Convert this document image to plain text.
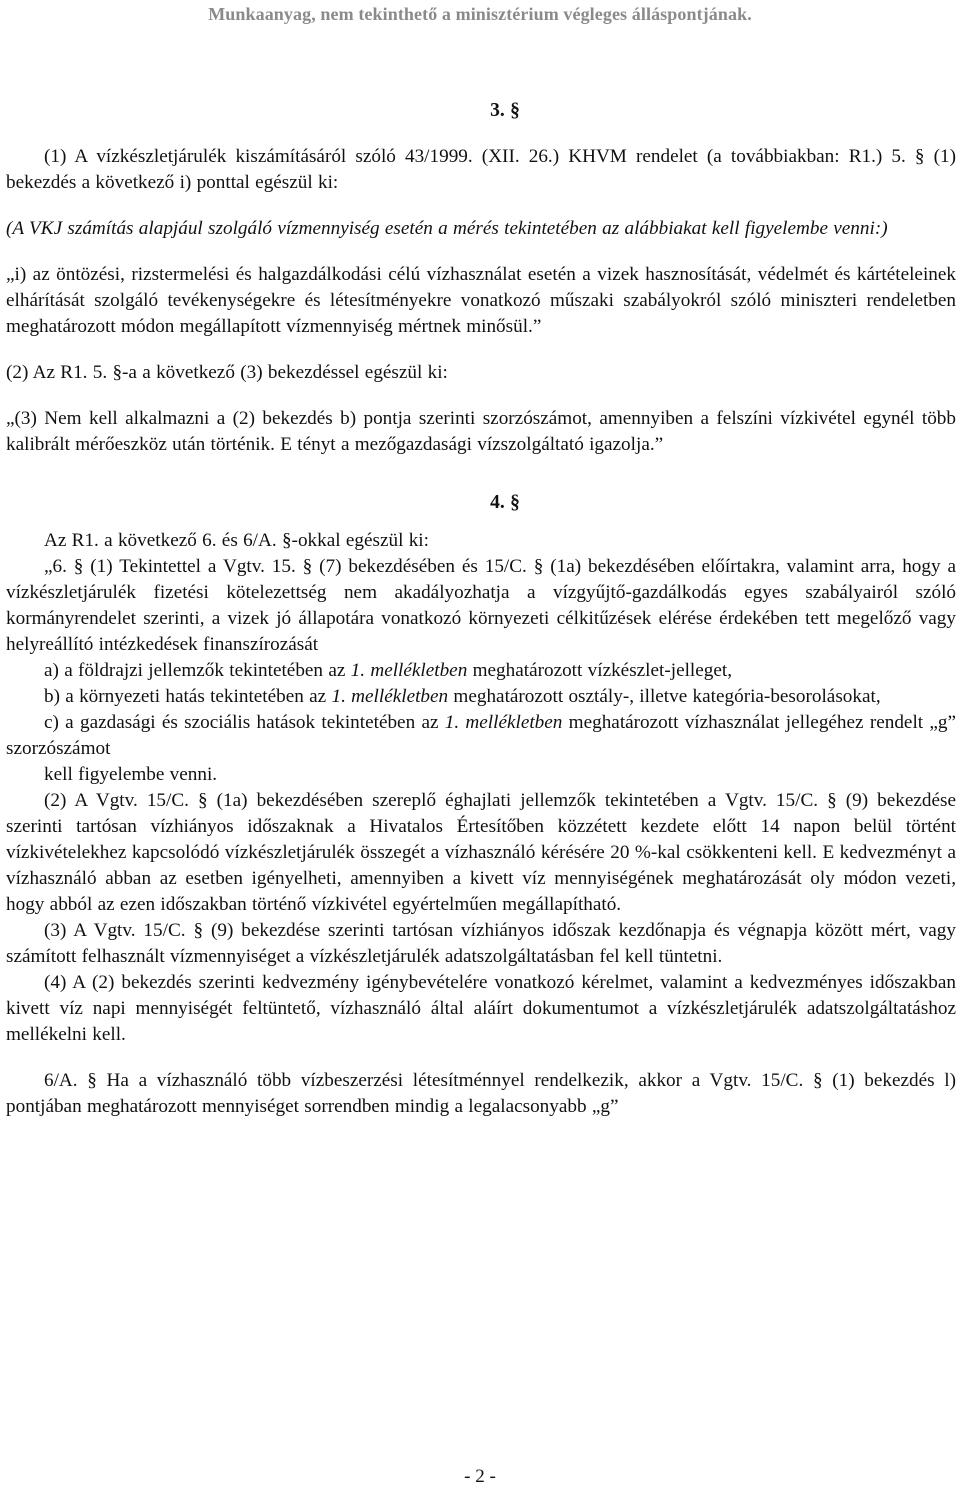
Munkaanyag, nem tekinthető a minisztérium végleges álláspontjának.
3. §

(1) A vízkészletjárulék kiszámításáról szóló 43/1999. (XII. 26.) KHVM rendelet (a továbbiakban: R1.) 5. § (1) bekezdés a következő i) ponttal egészül ki:

(A VKJ számítás alapjául szolgáló vízmennyiség esetén a mérés tekintetében az alábbiakat kell figyelembe venni:)

„i) az öntözési, rizstermelési és halgazdálkodási célú vízhasználat esetén a vizek hasznosítását, védelmét és kártételeinek elhárítását szolgáló tevékenységekre és létesítményekre vonatkozó műszaki szabályokról szóló miniszteri rendeletben meghatározott módon megállapított vízmennyiség mértnek minősül.”

(2) Az R1. 5. §-a a következő (3) bekezdéssel egészül ki:

„(3) Nem kell alkalmazni a (2) bekezdés b) pontja szerinti szorzószámot, amennyiben a felszíni vízkivétel egynél több kalibrált mérőeszköz után történik. E tényt a mezőgazdasági vízszolgáltató igazolja.”

4. §

Az R1. a következő 6. és 6/A. §-okkal egészül ki:

„6. § (1) Tekintettel a Vgtv. 15. § (7) bekezdésében és 15/C. § (1a) bekezdésében előírtakra, valamint arra, hogy a vízkészletjárulék fizetési kötelezettség nem akadályozhatja a vízgyűjtő-gazdálkodás egyes szabályairól szóló kormányrendelet szerinti, a vizek jó állapotára vonatkozó környezeti célkitűzések elérése érdekében tett megelőző vagy helyreállító intézkedések finanszírozását

a) a földrajzi jellemzők tekintetében az 1. mellékletben meghatározott vízkészlet-jelleget,

b) a környezeti hatás tekintetében az 1. mellékletben meghatározott osztály-, illetve kategória-besorolásokat,

c) a gazdasági és szociális hatások tekintetében az 1. mellékletben meghatározott vízhasználat jellegéhez rendelt „g” szorzószámot

kell figyelembe venni.

(2) A Vgtv. 15/C. § (1a) bekezdésében szereplő éghajlati jellemzők tekintetében a Vgtv. 15/C. § (9) bekezdése szerinti tartósan vízhiányos időszaknak a Hivatalos Értesítőben közzétett kezdete előtt 14 napon belül történt vízkivételekhez kapcsolódó vízkészletjárulék összegét a vízhasználó kérésére 20 %-kal csökkenteni kell. E kedvezményt a vízhasználó abban az esetben igényelheti, amennyiben a kivett víz mennyiségének meghatározását oly módon vezeti, hogy abból az ezen időszakban történő vízkivétel egyértelműen megállapítható.

(3) A Vgtv. 15/C. § (9) bekezdése szerinti tartósan vízhiányos időszak kezdőnapja és végnapja között mért, vagy számított felhasznált vízmennyiséget a vízkészletjárulék adatszolgáltatásban fel kell tüntetni.

(4) A (2) bekezdés szerinti kedvezmény igénybevételére vonatkozó kérelmet, valamint a kedvezményes időszakban kivett víz napi mennyiségét feltüntető, vízhasználó által aláírt dokumentumot a vízkészletjárulék adatszolgáltatáshoz mellékelni kell.

6/A. § Ha a vízhasználó több vízbeszerzési létesítménnyel rendelkezik, akkor a Vgtv. 15/C. § (1) bekezdés l) pontjában meghatározott mennyiséget sorrendben mindig a legalacsonyabb „g”

- 2 -
